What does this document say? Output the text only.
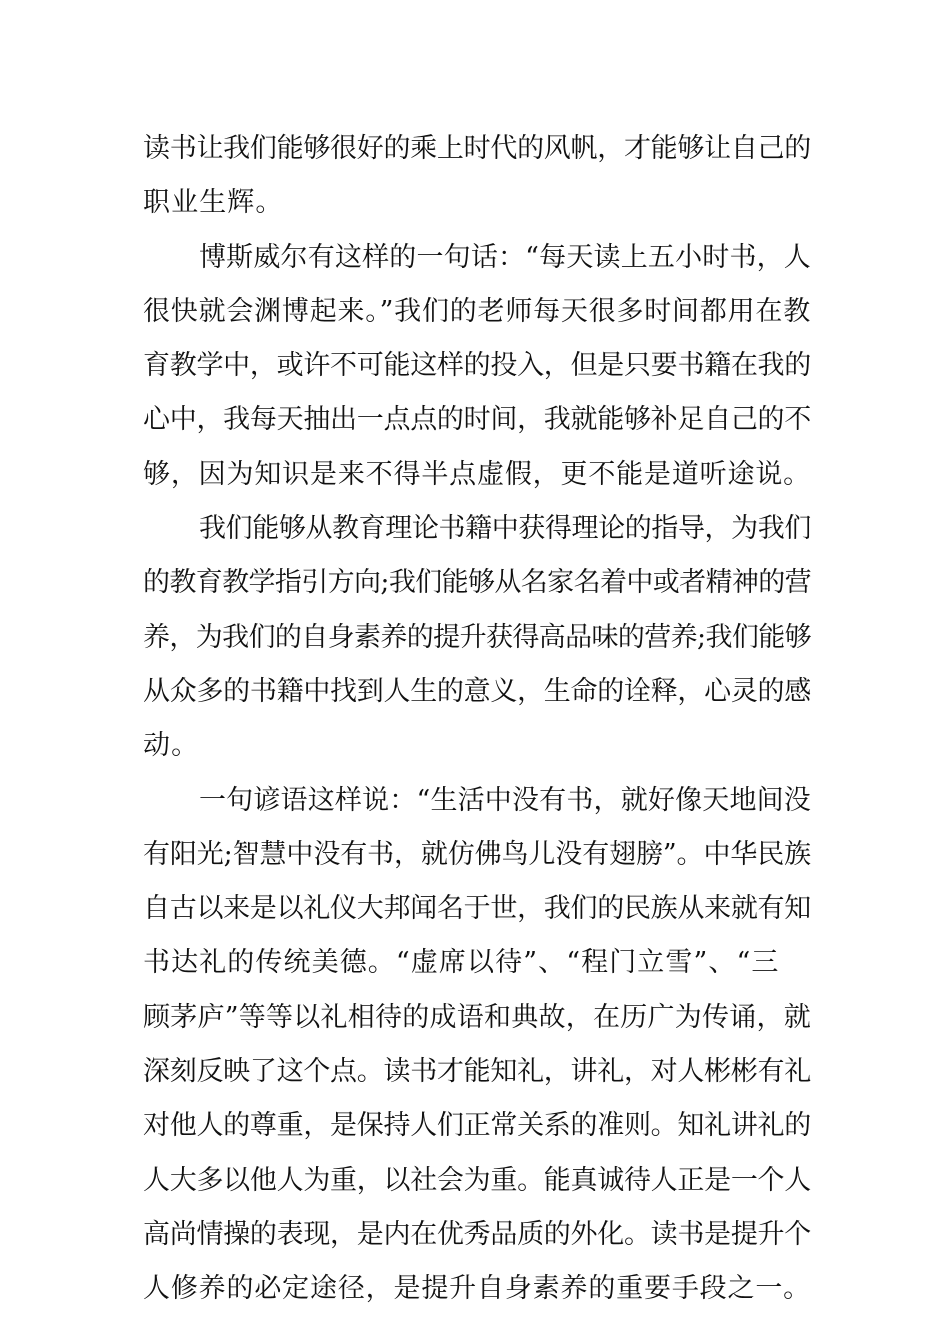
读书让我们能够很好的乘上时代的风帆，才能够让自己的
职业生辉。
博斯威尔有这样的一句话：“每天读上五小时书，人
很快就会渊博起来。”我们的老师每天很多时间都用在教
育教学中，或许不可能这样的投入，但是只要书籍在我的
心中，我每天抽出一点点的时间，我就能够补足自己的不
够，因为知识是来不得半点虚假，更不能是道听途说。
我们能够从教育理论书籍中获得理论的指导，为我们
的教育教学指引方向;我们能够从名家名着中或者精神的营
养，为我们的自身素养的提升获得高品味的营养;我们能够
从众多的书籍中找到人生的意义，生命的诠释，心灵的感
动。
一句谚语这样说：“生活中没有书，就好像天地间没
有阳光;智慧中没有书，就仿佛鸟儿没有翅膀”。中华民族
自古以来是以礼仪大邦闻名于世，我们的民族从来就有知
书达礼的传统美德。“虚席以待”、“程门立雪”、“三
顾茅庐”等等以礼相待的成语和典故，在历广为传诵，就
深刻反映了这个点。读书才能知礼，讲礼，对人彬彬有礼
对他人的尊重，是保持人们正常关系的准则。知礼讲礼的
人大多以他人为重，以社会为重。能真诚待人正是一个人
高尚情操的表现，是内在优秀品质的外化。读书是提升个
人修养的必定途径，是提升自身素养的重要手段之一。
